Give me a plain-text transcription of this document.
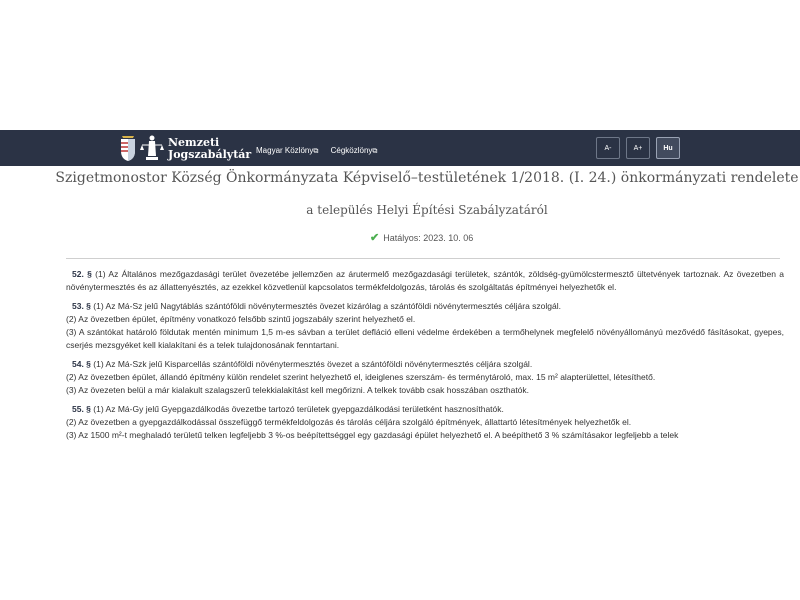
Nemzeti
Jogszabálytár Magyar Közlöny⧉ Cégközlöny⧉	A-	A+	Hu
Szigetmonostor Község Önkormányzata Képviselő–testületének 1/2018. (I. 24.) önkormányzati rendelete
a település Helyi Építési Szabályzatáról
✔ Hatályos: 2023. 10. 06
52. § (1) Az Általános mezőgazdasági terület övezetébe jellemzően az árutermelő mezőgazdasági területek, szántók, zöldség-gyümölcstermesztő ültetvények tartoznak. Az övezetben a növénytermesztés és az állattenyésztés, az ezekkel közvetlenül kapcsolatos termékfeldolgozás, tárolás és szolgáltatás építményei helyezhetők el.
53. § (1) Az Má-Sz jelű Nagytáblás szántóföldi növénytermesztés övezet kizárólag a szántóföldi növénytermesztés céljára szolgál.
(2) Az övezetben épület, építmény vonatkozó felsőbb szintű jogszabály szerint helyezhető el.
(3) A szántókat határoló földutak mentén minimum 1,5 m-es sávban a terület defláció elleni védelme érdekében a termőhelynek megfelelő növényállományú mezővédő fásításokat, gyepes, cserjés mezsgyéket kell kialakítani és a telek tulajdonosának fenntartani.
54. § (1) Az Má-Szk jelű Kisparcellás szántóföldi növénytermesztés övezet a szántóföldi növénytermesztés céljára szolgál.
(2) Az övezetben épület, állandó építmény külön rendelet szerint helyezhető el, ideiglenes szerszám- és terménytároló, max. 15 m² alapterülettel, létesíthető.
(3) Az övezeten belül a már kialakult szalagszerű telekkialakítást kell megőrizni. A telkek tovább csak hosszában oszthatók.
55. § (1) Az Má-Gy jelű Gyepgazdálkodás övezetbe tartozó területek gyepgazdálkodási területként hasznosíthatók.
(2) Az övezetben a gyepgazdálkodással összefüggő termékfeldolgozás és tárolás céljára szolgáló építmények, állattartó létesítmények helyezhetők el.
(3) Az 1500 m²-t meghaladó területű telken legfeljebb 3 %-os beépítettséggel egy gazdasági épület helyezhető el. A beépíthető 3 % számításakor legfeljebb a telek
